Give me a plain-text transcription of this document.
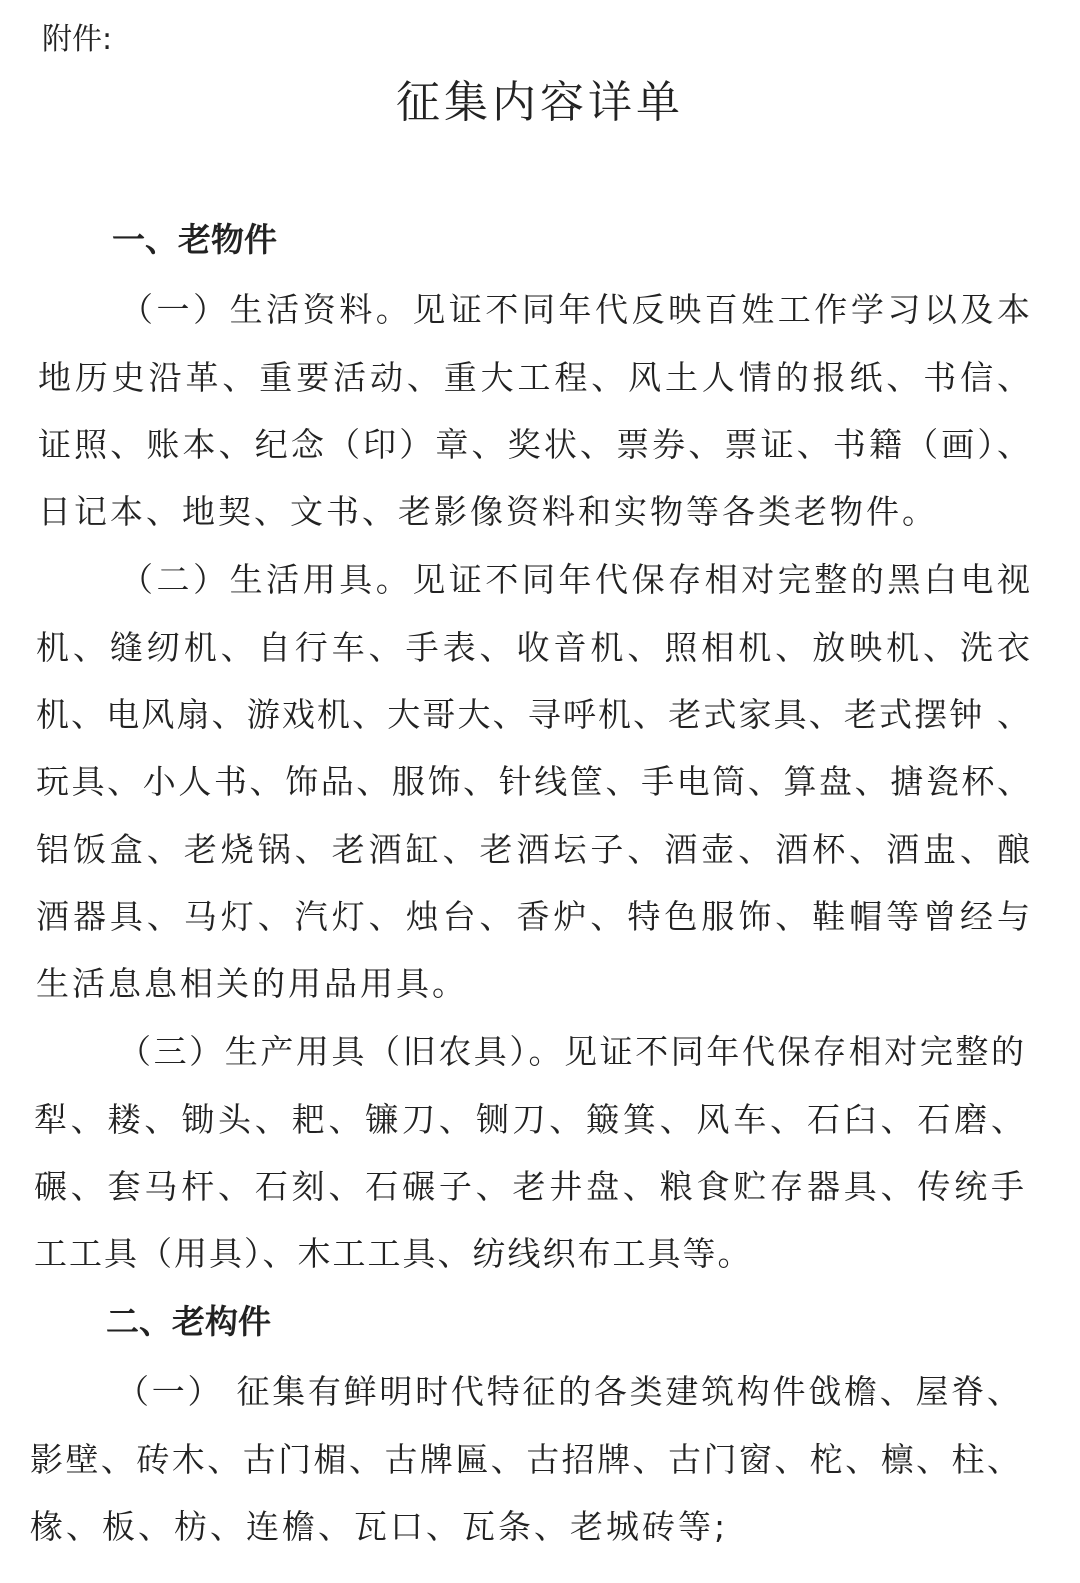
附件:
征集内容详单
一、老物件
（一）生活资料。见证不同年代反映百姓工作学习以及本
地历史沿革、重要活动、重大工程、风土人情的报纸、书信、
证照、账本、纪念（印）章、奖状、票券、票证、书籍（画）、
日记本、地契、文书、老影像资料和实物等各类老物件。
（二）生活用具。见证不同年代保存相对完整的黑白电视
机、缝纫机、自行车、手表、收音机、照相机、放映机、洗衣
机、电风扇、游戏机、大哥大、寻呼机、老式家具、老式摆钟 、
玩具、小人书、饰品、服饰、针线筐、手电筒、算盘、搪瓷杯、
铝饭盒、老烧锅、老酒缸、老酒坛子、酒壶、酒杯、酒盅、酿
酒器具、马灯、汽灯、烛台、香炉、特色服饰、鞋帽等曾经与
生活息息相关的用品用具。
（三）生产用具（旧农具）。见证不同年代保存相对完整的
犁、耧、锄头、耙、镰刀、铡刀、簸箕、风车、石臼、石磨、
碾、套马杆、石刻、石碾子、老井盘、粮食贮存器具、传统手
工工具（用具）、木工工具、纺线织布工具等。
二、老构件
（一） 征集有鲜明时代特征的各类建筑构件戗檐、屋脊、
影壁、砖木、古门楣、古牌匾、古招牌、古门窗、柁、檩、柱、
椽、板、枋、连檐、瓦口、瓦条、老城砖等;
